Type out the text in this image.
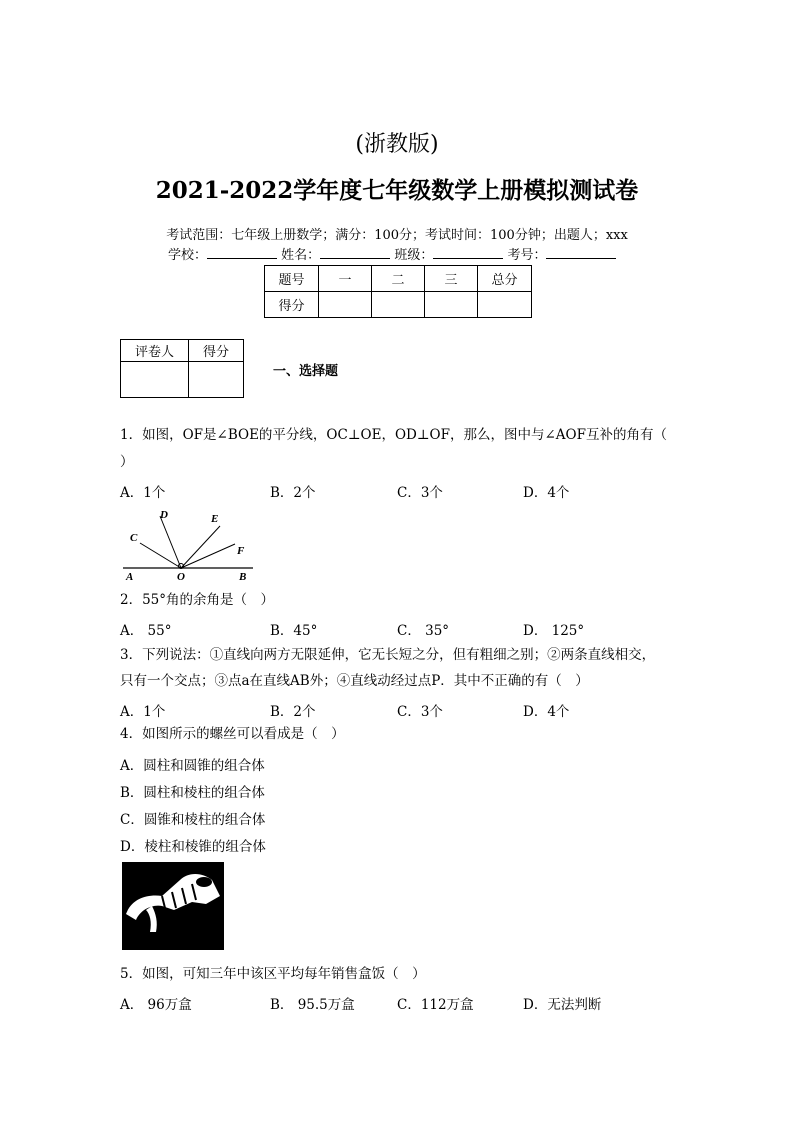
(浙教版)
2021-2022学年度七年级数学上册模拟测试卷
考试范围：七年级上册数学；满分：100分；考试时间：100分钟；出题人；xxx
学校：	姓名：	班级：	考号：
题号	一	二	三	总分
得分				
评卷人	得分

一、选择题
1．如图，OF是∠BOE的平分线，OC⊥OE，OD⊥OF，那么，图中与∠AOF互补的角有（
）
A．1个	B．2个	C．3个	D．4个
A	O	B
C
D	E
F
2．55°角的余角是（　）
A． 55°	B．45°	C． 35°	D． 125°
3．下列说法：①直线向两方无限延伸，它无长短之分，但有粗细之别；②两条直线相交，
只有一个交点；③点a在直线AB外；④直线动经过点P．其中不正确的有（　）
A．1个	B．2个	C．3个	D．4个
4．如图所示的螺丝可以看成是（　）
A．圆柱和圆锥的组合体
B．圆柱和棱柱的组合体
C．圆锥和棱柱的组合体
D．棱柱和棱锥的组合体
5．如图，可知三年中该区平均每年销售盒饭（　）
A． 96万盒	B． 95.5万盒	C．112万盒	D．无法判断
